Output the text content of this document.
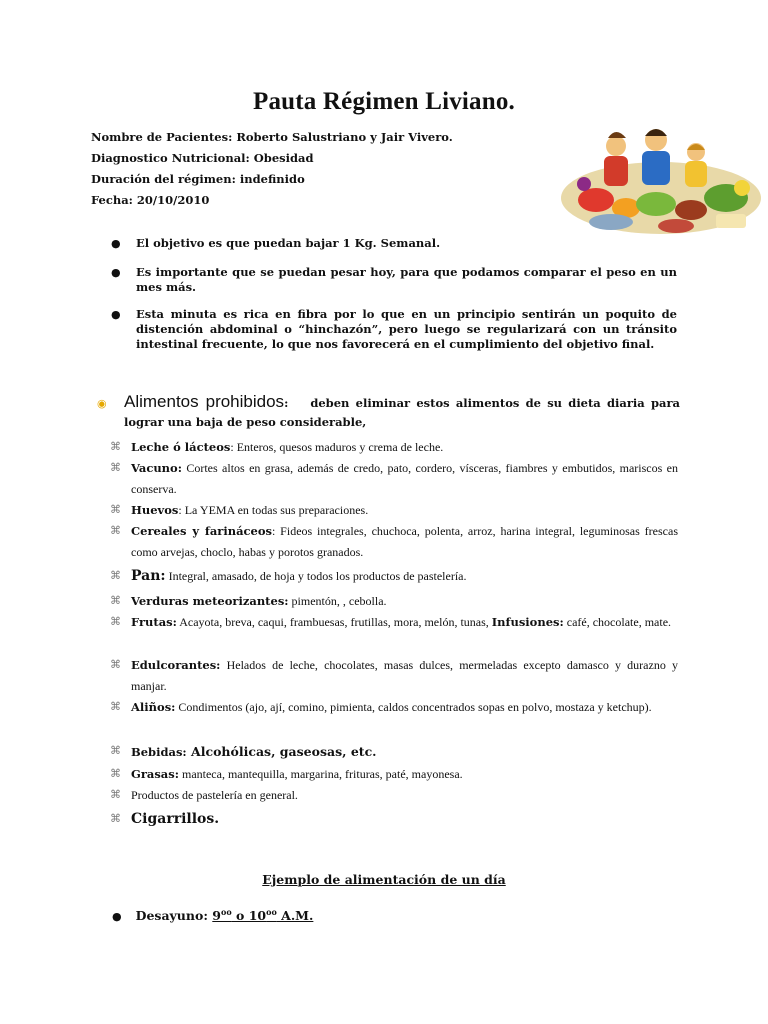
Pauta Régimen Liviano.
Nombre de Pacientes: Roberto Salustriano y Jair Vivero.
Diagnostico Nutricional: Obesidad
Duración del régimen: indefinido
Fecha: 20/10/2010
● El objetivo es que puedan bajar 1 Kg. Semanal.
● Es importante que se puedan pesar hoy, para que podamos comparar el peso en un mes más.
● Esta minuta es rica en fibra por lo que en un principio sentirán un poquito de distención abdominal o “hinchazón”, pero luego se regularizará con un tránsito intestinal frecuente, lo que nos favorecerá en el cumplimiento del objetivo final.
◉ Alimentos prohibidos: deben eliminar estos alimentos de su dieta diaria para lograr una baja de peso considerable,
⌘ Leche ó lácteos: Enteros, quesos maduros y crema de leche.
⌘ Vacuno: Cortes altos en grasa, además de credo, pato, cordero, vísceras, fiambres y embutidos, mariscos en conserva.
⌘ Huevos: La YEMA en todas sus preparaciones.
⌘ Cereales y farináceos: Fideos integrales, chuchoca, polenta, arroz, harina integral, leguminosas frescas como arvejas, choclo, habas y porotos granados.
⌘ Pan: Integral, amasado, de hoja y todos los productos de pastelería.
⌘ Verduras meteorizantes: pimentón, , cebolla.
⌘ Frutas: Acayota, breva, caqui, frambuesas, frutillas, mora, melón, tunas, Infusiones: café, chocolate, mate.
⌘ Edulcorantes: Helados de leche, chocolates, masas dulces, mermeladas excepto damasco y durazno y manjar.
⌘ Aliños: Condimentos (ajo, ají, comino, pimienta, caldos concentrados sopas en polvo, mostaza y ketchup).
⌘ Bebidas: Alcohólicas, gaseosas, etc.
⌘ Grasas: manteca, mantequilla, margarina, frituras, paté, mayonesa.
⌘ Productos de pastelería en general.
⌘ Cigarrillos.
Ejemplo de alimentación de un día
● Desayuno: $9^{oo}$ o $10^{oo}$ A.M.
